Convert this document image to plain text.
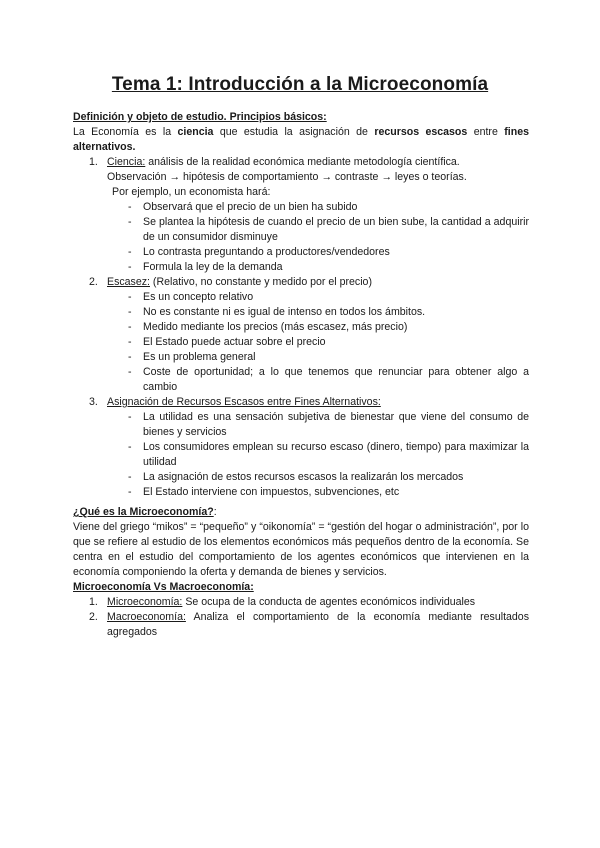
Tema 1: Introducción a la Microeconomía
Definición y objeto de estudio. Principios básicos:
La Economía es la ciencia que estudia la asignación de recursos escasos entre fines alternativos.
1. Ciencia: análisis de la realidad económica mediante metodología científica.
Observación → hipótesis de comportamiento → contraste → leyes o teorías.
Por ejemplo, un economista hará:
- Observará que el precio de un bien ha subido
- Se plantea la hipótesis de cuando el precio de un bien sube, la cantidad a adquirir de un consumidor disminuye
- Lo contrasta preguntando a productores/vendedores
- Formula la ley de la demanda
2. Escasez: (Relativo, no constante y medido por el precio)
- Es un concepto relativo
- No es constante ni es igual de intenso en todos los ámbitos.
- Medido mediante los precios (más escasez, más precio)
- El Estado puede actuar sobre el precio
- Es un problema general
- Coste de oportunidad; a lo que tenemos que renunciar para obtener algo a cambio
3. Asignación de Recursos Escasos entre Fines Alternativos:
- La utilidad es una sensación subjetiva de bienestar que viene del consumo de bienes y servicios
- Los consumidores emplean su recurso escaso (dinero, tiempo) para maximizar la utilidad
- La asignación de estos recursos escasos la realizarán los mercados
- El Estado interviene con impuestos, subvenciones, etc
¿Qué es la Microeconomía?:
Viene del griego “mikos” = “pequeño” y “oikonomía” = “gestión del hogar o administración”, por lo que se refiere al estudio de los elementos económicos más pequeños dentro de la economía. Se centra en el estudio del comportamiento de los agentes económicos que intervienen en la economía componiendo la oferta y demanda de bienes y servicios.
Microeconomía Vs Macroeconomía:
1. Microeconomía: Se ocupa de la conducta de agentes económicos individuales
2. Macroeconomía: Analiza el comportamiento de la economía mediante resultados agregados
